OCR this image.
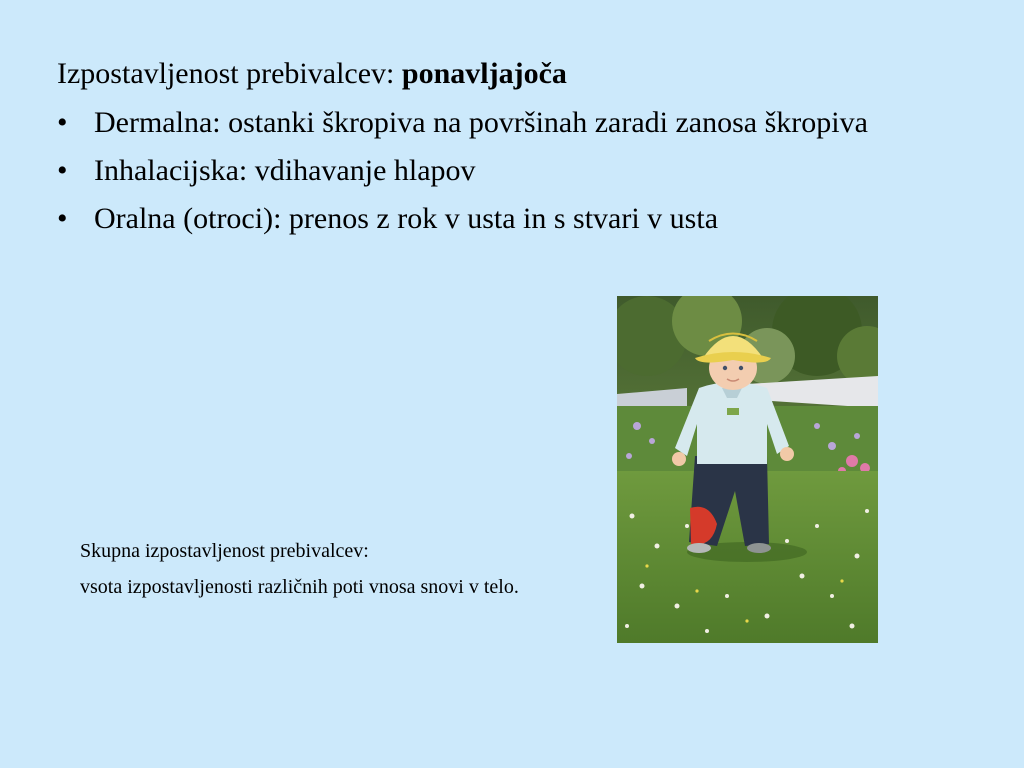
Izpostavljenost prebivalcev: ponavljajoča
• Dermalna: ostanki škropiva na površinah zaradi zanosa škropiva
• Inhalacijska: vdihavanje hlapov
• Oralna (otroci): prenos z rok v usta in s stvari v usta

Skupna izpostavljenost prebivalcev:

vsota izpostavljenosti različnih poti vnosa snovi v telo.
